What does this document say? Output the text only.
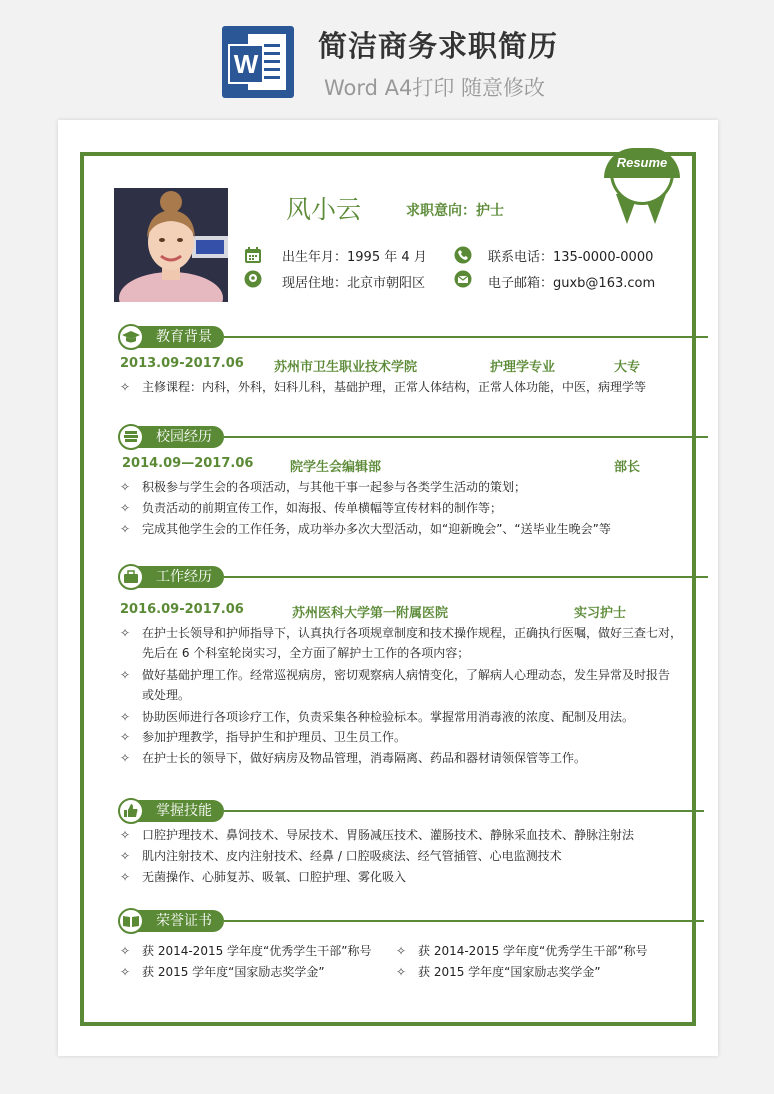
W
简洁商务求职简历
Word A4打印 随意修改
Resume
风小云	求职意向：护士
出生年月：1995 年 4 月	联系电话：135-0000-0000
现居住地：北京市朝阳区	电子邮箱：guxb@163.com
教育背景
2013.09-2017.06 苏州市卫生职业技术学院	护理学专业	大专
✧ 主修课程：内科，外科，妇科儿科，基础护理，正常人体结构，正常人体功能，中医，病理学等
校园经历
2014.09—2017.06	院学生会编辑部	部长
✧ 积极参与学生会的各项活动，与其他干事一起参与各类学生活动的策划；
✧ 负责活动的前期宣传工作，如海报、传单横幅等宣传材料的制作等；
✧ 完成其他学生会的工作任务，成功举办多次大型活动，如“迎新晚会”、“送毕业生晚会”等
工作经历
2016.09-2017.06	苏州医科大学第一附属医院	实习护士
✧ 在护士长领导和护师指导下，认真执行各项规章制度和技术操作规程，正确执行医嘱，做好三查七对，
先后在 6 个科室轮岗实习，全方面了解护士工作的各项内容；
✧ 做好基础护理工作。经常巡视病房，密切观察病人病情变化，了解病人心理动态，发生异常及时报告
或处理。
✧ 协助医师进行各项诊疗工作，负责采集各种检验标本。掌握常用消毒液的浓度、配制及用法。
✧ 参加护理教学，指导护生和护理员、卫生员工作。
✧ 在护士长的领导下，做好病房及物品管理，消毒隔离、药品和器材请领保管等工作。
掌握技能
✧ 口腔护理技术、鼻饲技术、导尿技术、胃肠减压技术、灌肠技术、静脉采血技术、静脉注射法
✧ 肌内注射技术、皮内注射技术、经鼻 / 口腔吸痰法、经气管插管、心电监测技术
✧ 无菌操作、心肺复苏、吸氧、口腔护理、雾化吸入
荣誉证书
✧ 获 2014-2015 学年度“优秀学生干部”称号 ✧ 获 2014-2015 学年度“优秀学生干部”称号
✧ 获 2015 学年度“国家励志奖学金”	✧ 获 2015 学年度“国家励志奖学金”
